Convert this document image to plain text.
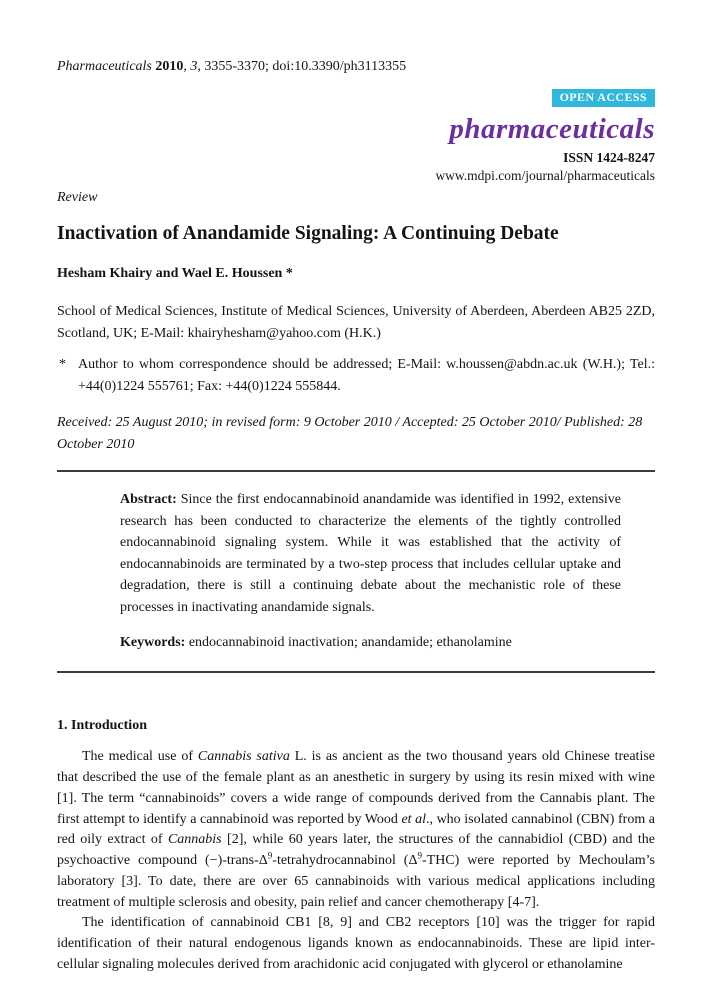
Pharmaceuticals 2010, 3, 3355-3370; doi:10.3390/ph3113355

OPEN ACCESS
pharmaceuticals
ISSN 1424-8247
www.mdpi.com/journal/pharmaceuticals
Review
Inactivation of Anandamide Signaling: A Continuing Debate
Hesham Khairy and Wael E. Houssen *
School of Medical Sciences, Institute of Medical Sciences, University of Aberdeen, Aberdeen AB25 2ZD, Scotland, UK; E-Mail: khairyhesham@yahoo.com (H.K.)
* Author to whom correspondence should be addressed; E-Mail: w.houssen@abdn.ac.uk (W.H.); Tel.: +44(0)1224 555761; Fax: +44(0)1224 555844.
Received: 25 August 2010; in revised form: 9 October 2010 / Accepted: 25 October 2010/ Published: 28 October 2010
Abstract: Since the first endocannabinoid anandamide was identified in 1992, extensive research has been conducted to characterize the elements of the tightly controlled endocannabinoid signaling system. While it was established that the activity of endocannabinoids are terminated by a two-step process that includes cellular uptake and degradation, there is still a continuing debate about the mechanistic role of these processes in inactivating anandamide signals.
Keywords: endocannabinoid inactivation; anandamide; ethanolamine
1. Introduction

The medical use of Cannabis sativa L. is as ancient as the two thousand years old Chinese treatise that described the use of the female plant as an anesthetic in surgery by using its resin mixed with wine [1]. The term “cannabinoids” covers a wide range of compounds derived from the Cannabis plant. The first attempt to identify a cannabinoid was reported by Wood et al., who isolated cannabinol (CBN) from a red oily extract of Cannabis [2], while 60 years later, the structures of the cannabidiol (CBD) and the psychoactive compound $(-)-trans-\Delta^9$-tetrahydrocannabinol $(\Delta^9-THC)$ were reported by Mechoulam’s laboratory [3]. To date, there are over 65 cannabinoids with various medical applications including treatment of multiple sclerosis and obesity, pain relief and cancer chemotherapy [4-7].

The identification of cannabinoid CB1 [8, 9] and CB2 receptors [10] was the trigger for rapid identification of their natural endogenous ligands known as endocannabinoids. These are lipid inter-cellular signaling molecules derived from arachidonic acid conjugated with glycerol or ethanolamine
